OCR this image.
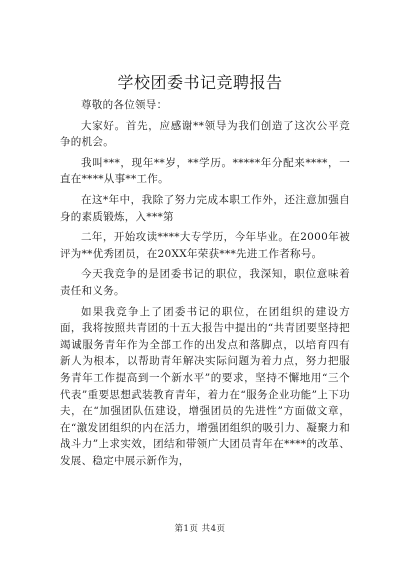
学校团委书记竞聘报告

尊敬的各位领导：

大家好。首先，应感谢**领导为我们创造了这次公平竞争的机会。

我叫***，现年**岁，**学历。*****年分配来****，一直在****从事**工作。

在这*年中，我除了努力完成本职工作外，还注意加强自身的素质锻炼，入***第

二年，开始攻读****大专学历，今年毕业。在2000年被评为**优秀团员，在20XX年荣获***先进工作者称号。

今天我竞争的是团委书记的职位，我深知，职位意味着责任和义务。

如果我竞争上了团委书记的职位，在团组织的建设方面，我将按照共青团的十五大报告中提出的“共青团要坚持把竭诚服务青年作为全部工作的出发点和落脚点，以培育四有新人为根本，以帮助青年解决实际问题为着力点，努力把服务青年工作提高到一个新水平”的要求，坚持不懈地用“三个代表”重要思想武装教育青年，着力在“服务企业功能”上下功夫，在“加强团队伍建设，增强团员的先进性”方面做文章，在“激发团组织的内在活力，增强团组织的吸引力、凝聚力和战斗力”上求实效，团结和带领广大团员青年在****的改革、发展、稳定中展示新作为，

第1页 共4页
